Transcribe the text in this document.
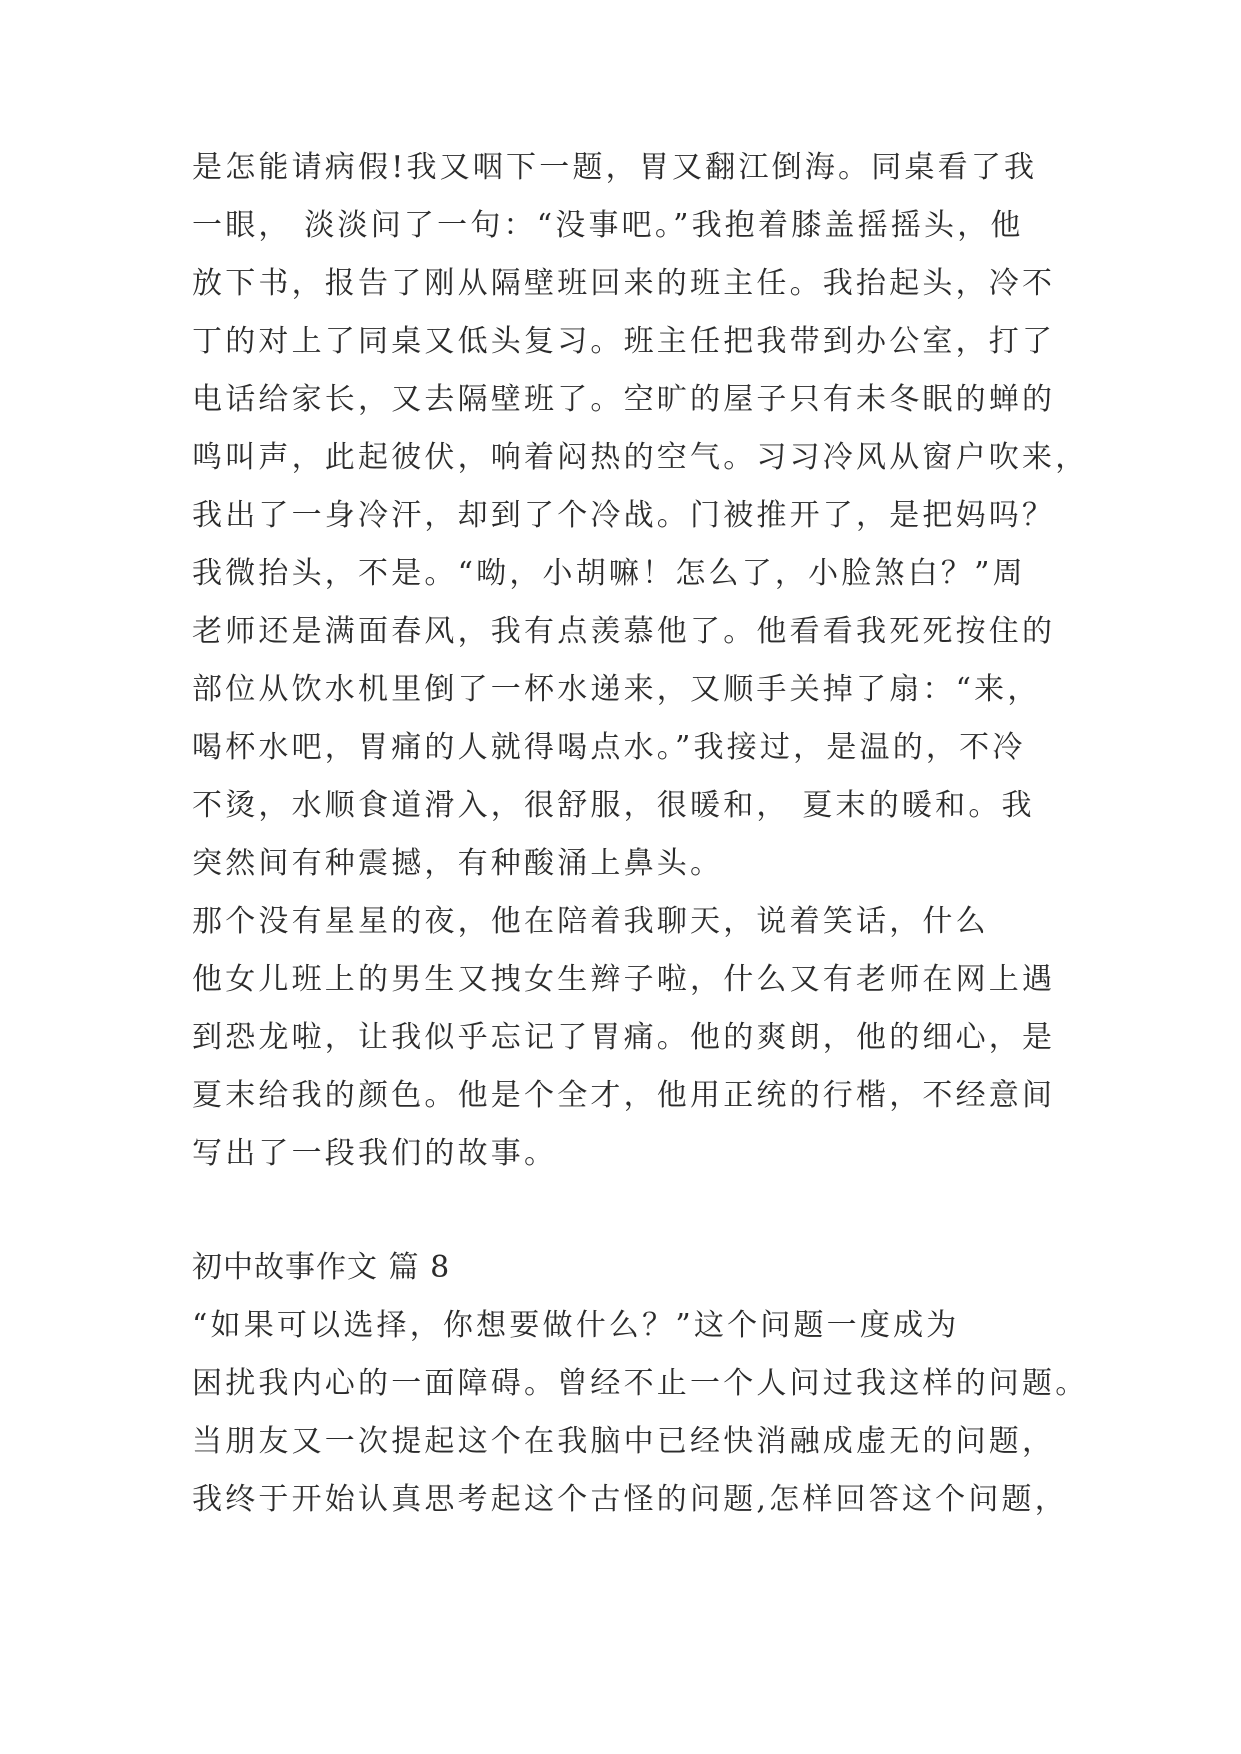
是怎能请病假!我又咽下一题，胃又翻江倒海。同桌看了我
一眼， 淡淡问了一句：“没事吧。”我抱着膝盖摇摇头，他
放下书，报告了刚从隔壁班回来的班主任。我抬起头，冷不
丁的对上了同桌又低头复习。班主任把我带到办公室，打了
电话给家长，又去隔壁班了。空旷的屋子只有未冬眠的蝉的
鸣叫声，此起彼伏，响着闷热的空气。习习冷风从窗户吹来，
我出了一身冷汗，却到了个冷战。门被推开了，是把妈吗？
我微抬头，不是。“呦，小胡嘛！怎么了，小脸煞白？”周
老师还是满面春风，我有点羡慕他了。他看看我死死按住的
部位从饮水机里倒了一杯水递来，又顺手关掉了扇：“来，
喝杯水吧，胃痛的人就得喝点水。”我接过，是温的，不冷
不烫，水顺食道滑入，很舒服，很暖和， 夏末的暖和。我
突然间有种震撼，有种酸涌上鼻头。
那个没有星星的夜，他在陪着我聊天，说着笑话，什么
他女儿班上的男生又拽女生辫子啦，什么又有老师在网上遇
到恐龙啦，让我似乎忘记了胃痛。他的爽朗，他的细心，是
夏末给我的颜色。他是个全才，他用正统的行楷，不经意间
写出了一段我们的故事。
初中故事作文 篇 8
“如果可以选择，你想要做什么？”这个问题一度成为
困扰我内心的一面障碍。曾经不止一个人问过我这样的问题。
当朋友又一次提起这个在我脑中已经快消融成虚无的问题，
我终于开始认真思考起这个古怪的问题,怎样回答这个问题，
